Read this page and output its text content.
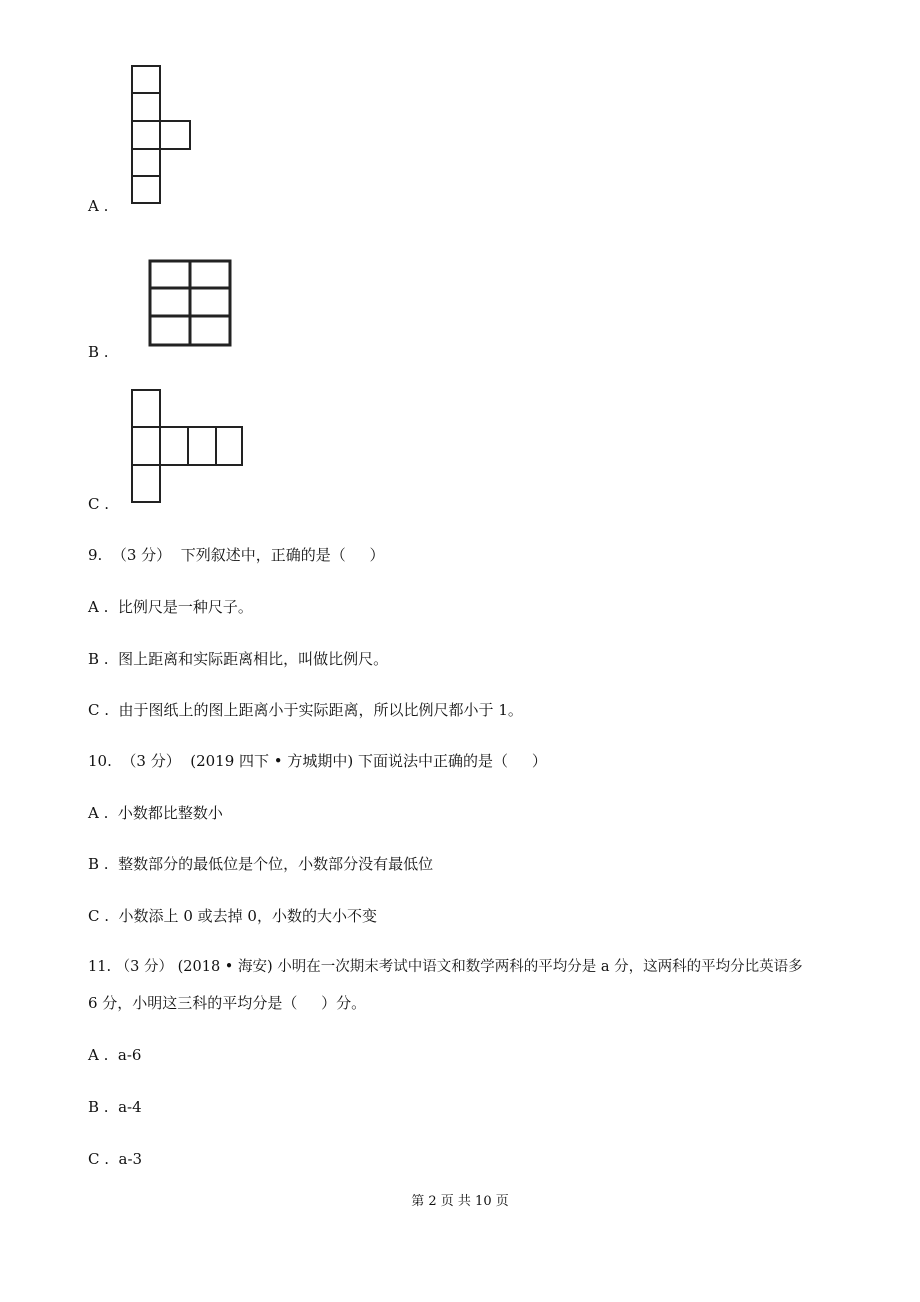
A .
B .
C .
9.  （3 分）  下列叙述中，正确的是（     ）
A .  比例尺是一种尺子。
B .  图上距离和实际距离相比，叫做比例尺。
C .  由于图纸上的图上距离小于实际距离，所以比例尺都小于 1。
10.  （3 分）  (2019 四下 • 方城期中) 下面说法中正确的是（     ）
A .  小数都比整数小
B .  整数部分的最低位是个位，小数部分没有最低位
C .  小数添上 0 或去掉 0，小数的大小不变
11. （3 分） (2018 • 海安) 小明在一次期末考试中语文和数学两科的平均分是 a 分，这两科的平均分比英语多
6 分，小明这三科的平均分是（     ）分。
A .  a-6
B .  a-4
C .  a-3
第 2 页 共 10 页
